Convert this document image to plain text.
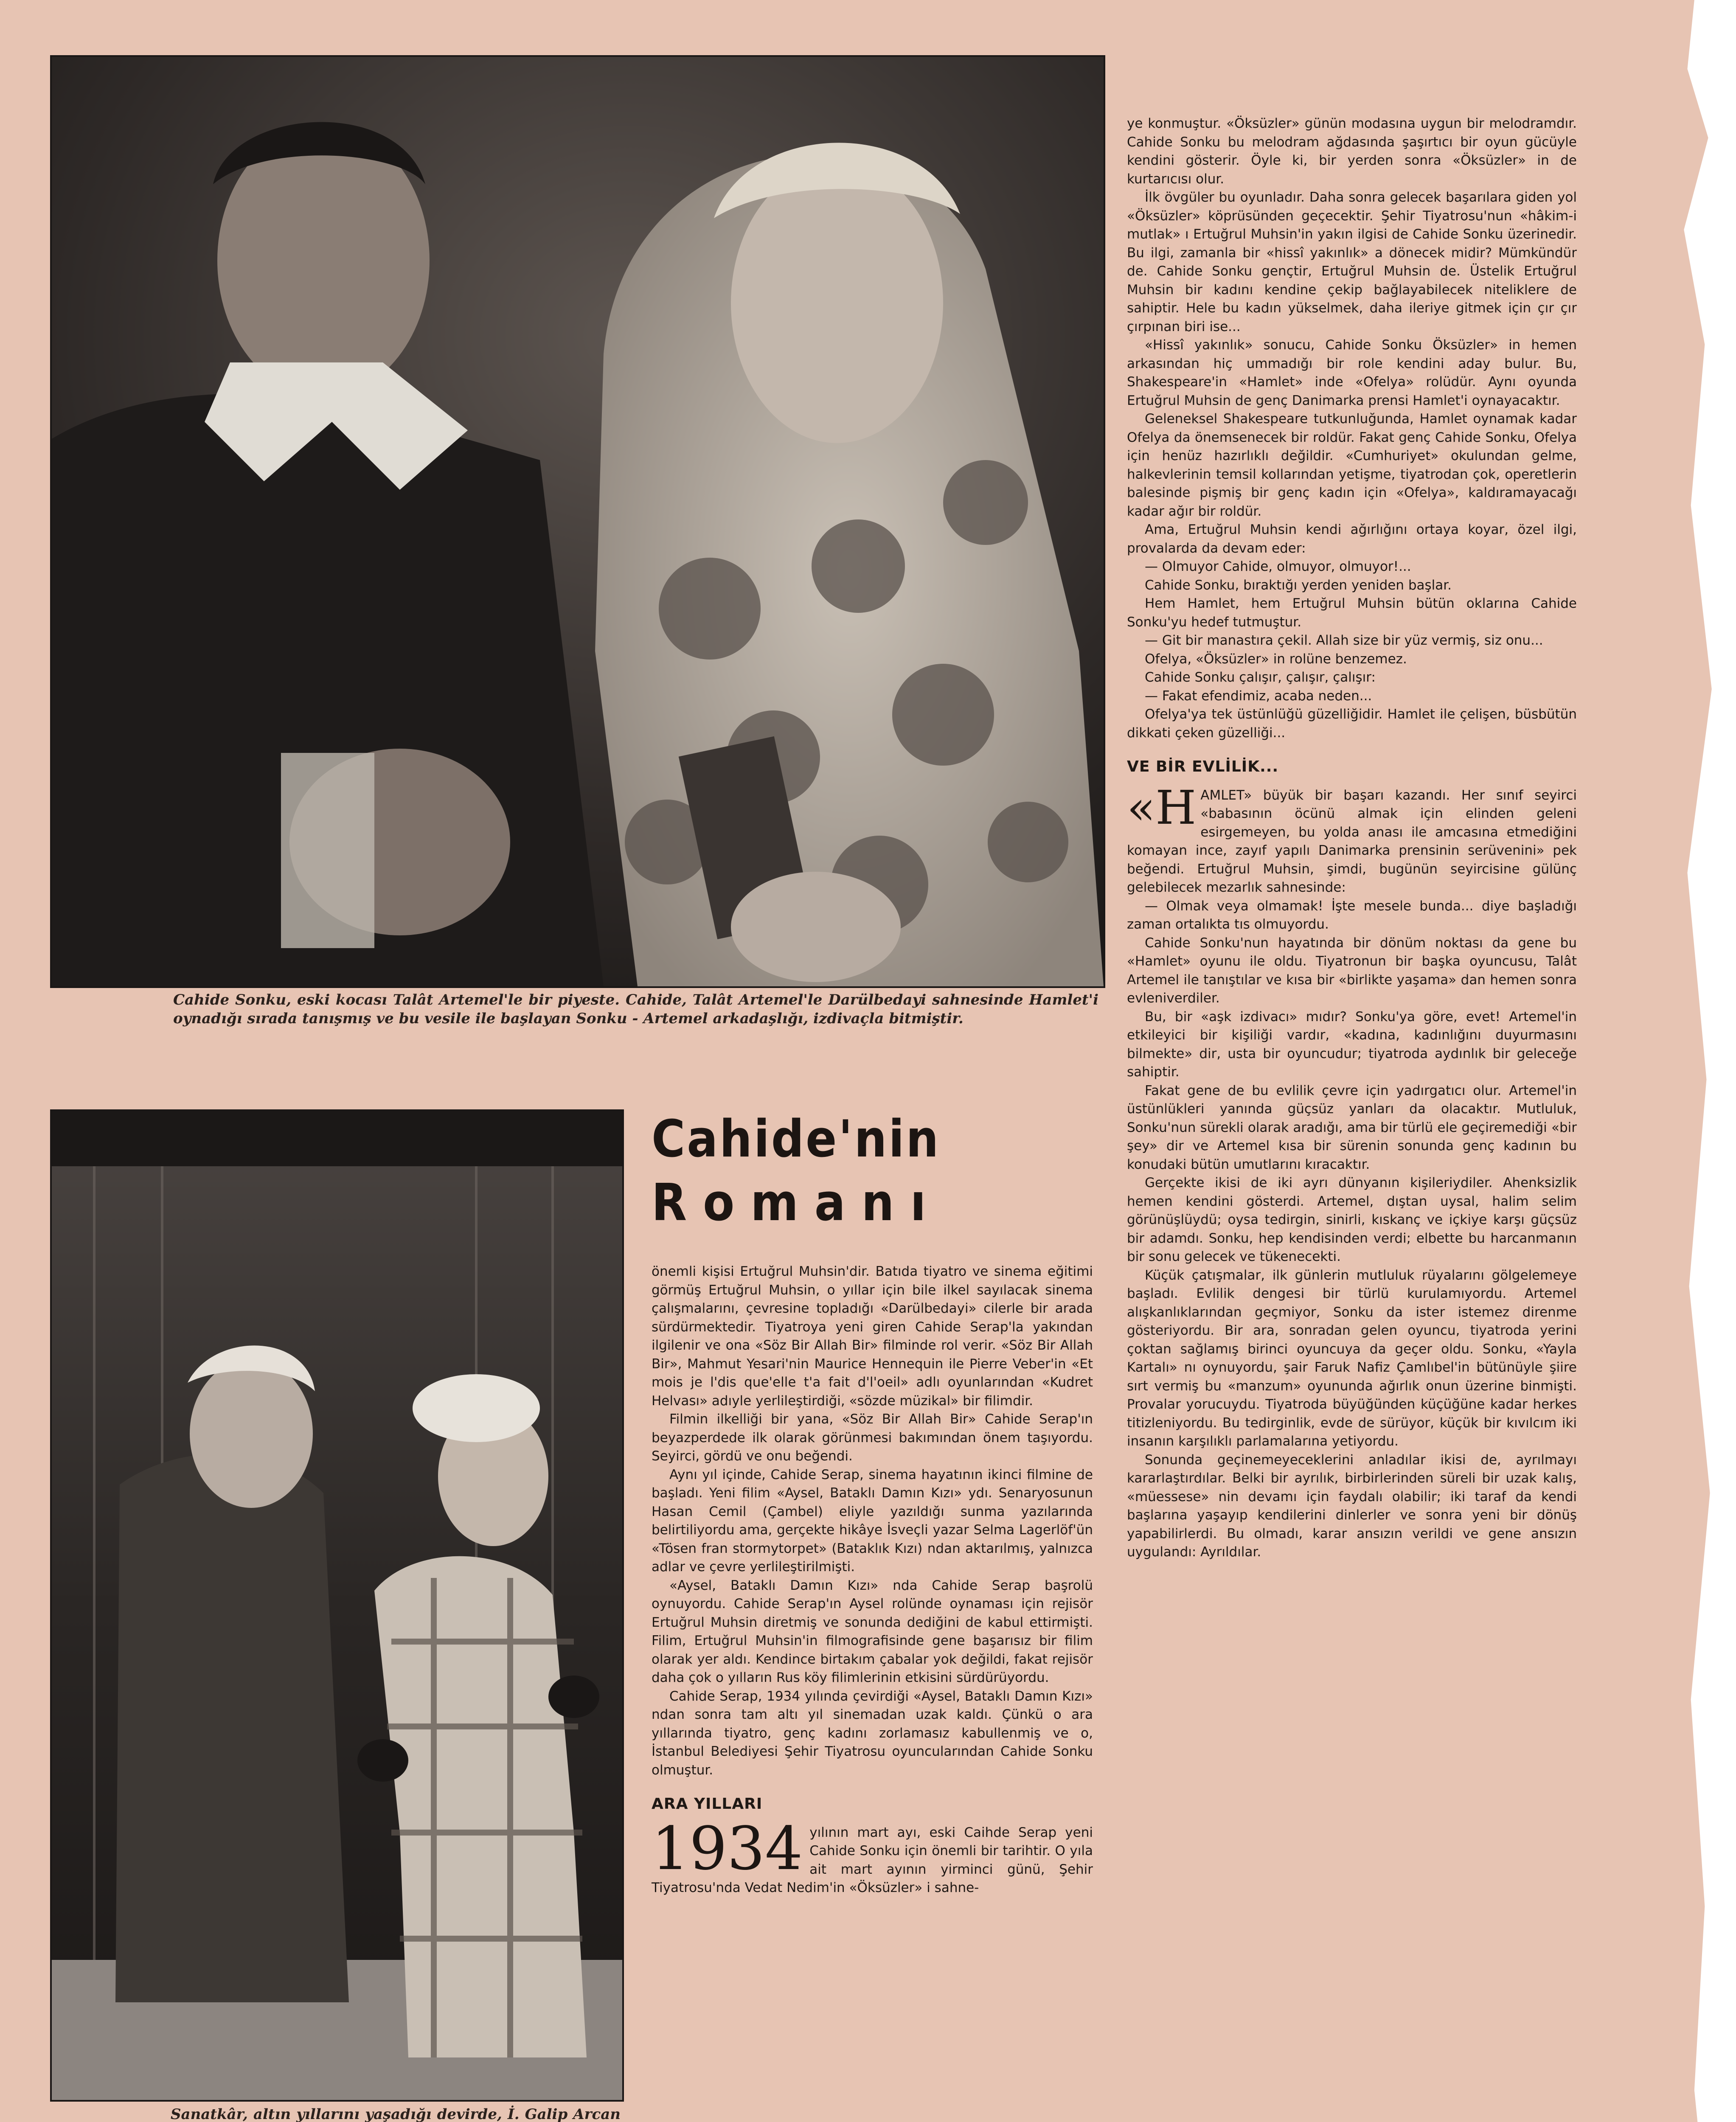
Cahide Sonku, eski kocası Talât Artemel'le bir piyeste. Cahide, Talât Artemel'le Darülbedayi sahnesinde Hamlet'i oynadığı sırada tanışmış ve bu vesile ile başlayan Sonku - Artemel arkadaşlığı, izdivaçla bitmiştir.
Sanatkâr, altın yıllarını yaşadığı devirde, İ. Galip Arcan
Cahide'nin
Romanı

önemli kişisi Ertuğrul Muhsin'dir. Batıda tiyatro ve sinema eğitimi görmüş Ertuğrul Muhsin, o yıllar için bile ilkel sayılacak sinema çalışmalarını, çevresine topladığı «Darülbedayi» cilerle bir arada sürdürmektedir. Tiyatroya yeni giren Cahide Serap'la yakından ilgilenir ve ona «Söz Bir Allah Bir» filminde rol verir. «Söz Bir Allah Bir», Mahmut Yesari'nin Maurice Hennequin ile Pierre Veber'in «Et mois je l'dis que'elle t'a fait d'l'oeil» adlı oyunlarından «Kudret Helvası» adıyle yerlileştirdiği, «sözde müzikal» bir filimdir.

Filmin ilkelliği bir yana, «Söz Bir Allah Bir» Cahide Serap'ın beyazperdede ilk olarak görünmesi bakımından önem taşıyordu. Seyirci, gördü ve onu beğendi.

Aynı yıl içinde, Cahide Serap, sinema hayatının ikinci filmine de başladı. Yeni filim «Aysel, Bataklı Damın Kızı» ydı. Senaryosunun Hasan Cemil (Çambel) eliyle yazıldığı sunma yazılarında belirtiliyordu ama, gerçekte hikâye İsveçli yazar Selma Lagerlöf'ün «Tösen fran stormytorpet» (Bataklık Kızı) ndan aktarılmış, yalnızca adlar ve çevre yerlileştirilmişti.

«Aysel, Bataklı Damın Kızı» nda Cahide Serap başrolü oynuyordu. Cahide Serap'ın Aysel rolünde oynaması için rejisör Ertuğrul Muhsin diretmiş ve sonunda dediğini de kabul ettirmişti. Filim, Ertuğrul Muhsin'in filmografisinde gene başarısız bir filim olarak yer aldı. Kendince birtakım çabalar yok değildi, fakat rejisör daha çok o yılların Rus köy filimlerinin etkisini sürdürüyordu.

Cahide Serap, 1934 yılında çevirdiği «Aysel, Bataklı Damın Kızı» ndan sonra tam altı yıl sinemadan uzak kaldı. Çünkü o ara yıllarında tiyatro, genç kadını zorlamasız kabullenmiş ve o, İstanbul Belediyesi Şehir Tiyatrosu oyuncularından Cahide Sonku olmuştur.

ARA YILLARI

1934 yılının mart ayı, eski Caihde Serap yeni Cahide Sonku için önemli bir tarihtir. O yıla ait mart ayının yirminci günü, Şehir Tiyatrosu'nda Vedat Nedim'in «Öksüzler» i sahne-

ye konmuştur. «Öksüzler» günün modasına uygun bir melodramdır. Cahide Sonku bu melodram ağdasında şaşırtıcı bir oyun gücüyle kendini gösterir. Öyle ki, bir yerden sonra «Öksüzler» in de kurtarıcısı olur.

İlk övgüler bu oyunladır. Daha sonra gelecek başarılara giden yol «Öksüzler» köprüsünden geçecektir. Şehir Tiyatrosu'nun «hâkim-i mutlak» ı Ertuğrul Muhsin'in yakın ilgisi de Cahide Sonku üzerinedir. Bu ilgi, zamanla bir «hissî yakınlık» a dönecek midir? Mümkündür de. Cahide Sonku gençtir, Ertuğrul Muhsin de. Üstelik Ertuğrul Muhsin bir kadını kendine çekip bağlayabilecek niteliklere de sahiptir. Hele bu kadın yükselmek, daha ileriye gitmek için çır çır çırpınan biri ise...

«Hissî yakınlık» sonucu, Cahide Sonku Öksüzler» in hemen arkasından hiç ummadığı bir role kendini aday bulur. Bu, Shakespeare'in «Hamlet» inde «Ofelya» rolüdür. Aynı oyunda Ertuğrul Muhsin de genç Danimarka prensi Hamlet'i oynayacaktır.

Geleneksel Shakespeare tutkunluğunda, Hamlet oynamak kadar Ofelya da önemsenecek bir roldür. Fakat genç Cahide Sonku, Ofelya için henüz hazırlıklı değildir. «Cumhuriyet» okulundan gelme, halkevlerinin temsil kollarından yetişme, tiyatrodan çok, operetlerin balesinde pişmiş bir genç kadın için «Ofelya», kaldıramayacağı kadar ağır bir roldür.

Ama, Ertuğrul Muhsin kendi ağırlığını ortaya koyar, özel ilgi, provalarda da devam eder:

— Olmuyor Cahide, olmuyor, olmuyor!...

Cahide Sonku, bıraktığı yerden yeniden başlar.

Hem Hamlet, hem Ertuğrul Muhsin bütün oklarına Cahide Sonku'yu hedef tutmuştur.

— Git bir manastıra çekil. Allah size bir yüz vermiş, siz onu...

Ofelya, «Öksüzler» in rolüne benzemez.

Cahide Sonku çalışır, çalışır, çalışır:

— Fakat efendimiz, acaba neden...

Ofelya'ya tek üstünlüğü güzelliğidir. Hamlet ile çelişen, büsbütün dikkati çeken güzelliği...

VE BİR EVLİLİK...

«H AMLET» büyük bir başarı kazandı. Her sınıf seyirci «babasının öcünü almak için elinden geleni esirgemeyen, bu yolda anası ile amcasına etmediğini komayan ince, zayıf yapılı Danimarka prensinin serüvenini» pek beğendi. Ertuğrul Muhsin, şimdi, bugünün seyircisine gülünç gelebilecek mezarlık sahnesinde:

— Olmak veya olmamak! İşte mesele bunda... diye başladığı zaman ortalıkta tıs olmuyordu.

Cahide Sonku'nun hayatında bir dönüm noktası da gene bu «Hamlet» oyunu ile oldu. Tiyatronun bir başka oyuncusu, Talât Artemel ile tanıştılar ve kısa bir «birlikte yaşama» dan hemen sonra evleniverdiler.

Bu, bir «aşk izdivacı» mıdır? Sonku'ya göre, evet! Artemel'in etkileyici bir kişiliği vardır, «kadına, kadınlığını duyurmasını bilmekte» dir, usta bir oyuncudur; tiyatroda aydınlık bir geleceğe sahiptir.

Fakat gene de bu evlilik çevre için yadırgatıcı olur. Artemel'in üstünlükleri yanında güçsüz yanları da olacaktır. Mutluluk, Sonku'nun sürekli olarak aradığı, ama bir türlü ele geçiremediği «bir şey» dir ve Artemel kısa bir sürenin sonunda genç kadının bu konudaki bütün umutlarını kıracaktır.

Gerçekte ikisi de iki ayrı dünyanın kişileriydiler. Ahenksizlik hemen kendini gösterdi. Artemel, dıştan uysal, halim selim görünüşlüydü; oysa tedirgin, sinirli, kıskanç ve içkiye karşı güçsüz bir adamdı. Sonku, hep kendisinden verdi; elbette bu harcanmanın bir sonu gelecek ve tükenecekti.

Küçük çatışmalar, ilk günlerin mutluluk rüyalarını gölgelemeye başladı. Evlilik dengesi bir türlü kurulamıyordu. Artemel alışkanlıklarından geçmiyor, Sonku da ister istemez direnme gösteriyordu. Bir ara, sonradan gelen oyuncu, tiyatroda yerini çoktan sağlamış birinci oyuncuya da geçer oldu. Sonku, «Yayla Kartalı» nı oynuyordu, şair Faruk Nafiz Çamlıbel'in bütünüyle şiire sırt vermiş bu «manzum» oyununda ağırlık onun üzerine binmişti. Provalar yorucuydu. Tiyatroda büyüğünden küçüğüne kadar herkes titizleniyordu. Bu tedirginlik, evde de sürüyor, küçük bir kıvılcım iki insanın karşılıklı parlamalarına yetiyordu.

Sonunda geçinemeyeceklerini anladılar ikisi de, ayrılmayı kararlaştırdılar. Belki bir ayrılık, birbirlerinden süreli bir uzak kalış, «müessese» nin devamı için faydalı olabilir; iki taraf da kendi başlarına yaşayıp kendilerini dinlerler ve sonra yeni bir dönüş yapabilirlerdi. Bu olmadı, karar ansızın verildi ve gene ansızın uygulandı: Ayrıldılar.
